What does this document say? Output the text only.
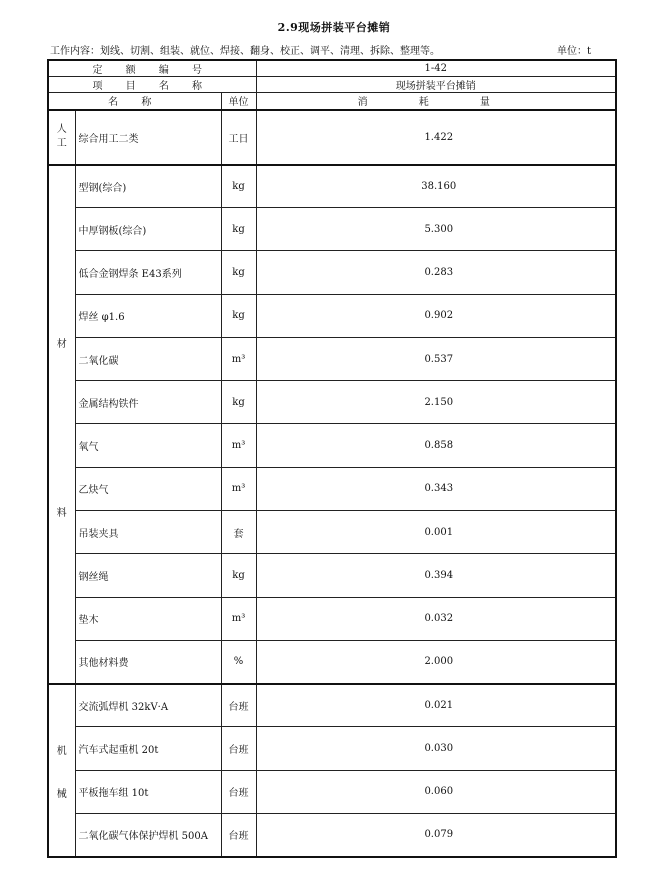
2.9现场拼装平台摊销
工作内容：划线、切割、组装、就位、焊接、翻身、校正、调平、清理、拆除、整理等。	单位：t
定 额 编 号			1-42
项 目 名 称			现场拼装平台摊销
名 称		单位	消 耗 量
人工	综合用工二类	工日	1.422

材
料	型钢(综合)	kg	38.160
	中厚钢板(综合)	kg	5.300
	低合金钢焊条 E43系列	kg	0.283
	焊丝 φ1.6	kg	0.902
	二氧化碳	m³	0.537
	金属结构铁件	kg	2.150
	氧气	m³	0.858
	乙炔气	m³	0.343
	吊装夹具	套	0.001
	钢丝绳	kg	0.394
	垫木	m³	0.032
	其他材料费	%	2.000

机
械	交流弧焊机 32kV·A	台班	0.021
	汽车式起重机 20t	台班	0.030
	平板拖车组 10t	台班	0.060
	二氧化碳气体保护焊机 500A	台班	0.079
